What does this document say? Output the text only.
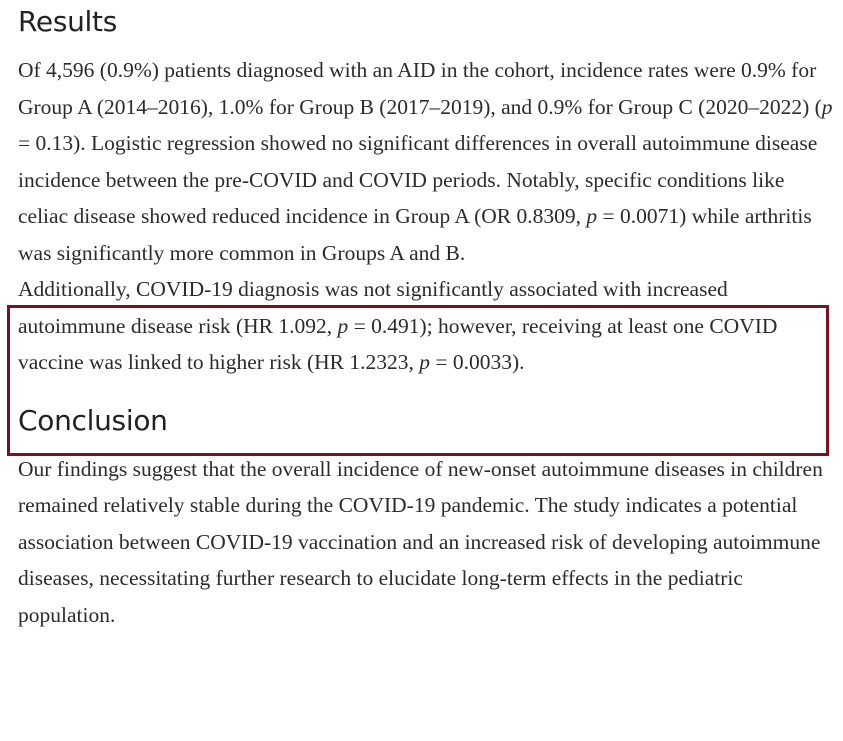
Results

Of 4,596 (0.9%) patients diagnosed with an AID in the cohort, incidence rates were 0.9% for Group A (2014–2016), 1.0% for Group B (2017–2019), and 0.9% for Group C (2020–2022) (p = 0.13). Logistic regression showed no significant differences in overall autoimmune disease incidence between the pre-COVID and COVID periods. Notably, specific conditions like celiac disease showed reduced incidence in Group A (OR 0.8309, p = 0.0071) while arthritis was significantly more common in Groups A and B.

Additionally, COVID-19 diagnosis was not significantly associated with increased autoimmune disease risk (HR 1.092, p = 0.491); however, receiving at least one COVID vaccine was linked to higher risk (HR 1.2323, p = 0.0033).

Conclusion

Our findings suggest that the overall incidence of new-onset autoimmune diseases in children remained relatively stable during the COVID-19 pandemic. The study indicates a potential association between COVID-19 vaccination and an increased risk of developing autoimmune diseases, necessitating further research to elucidate long-term effects in the pediatric population.
